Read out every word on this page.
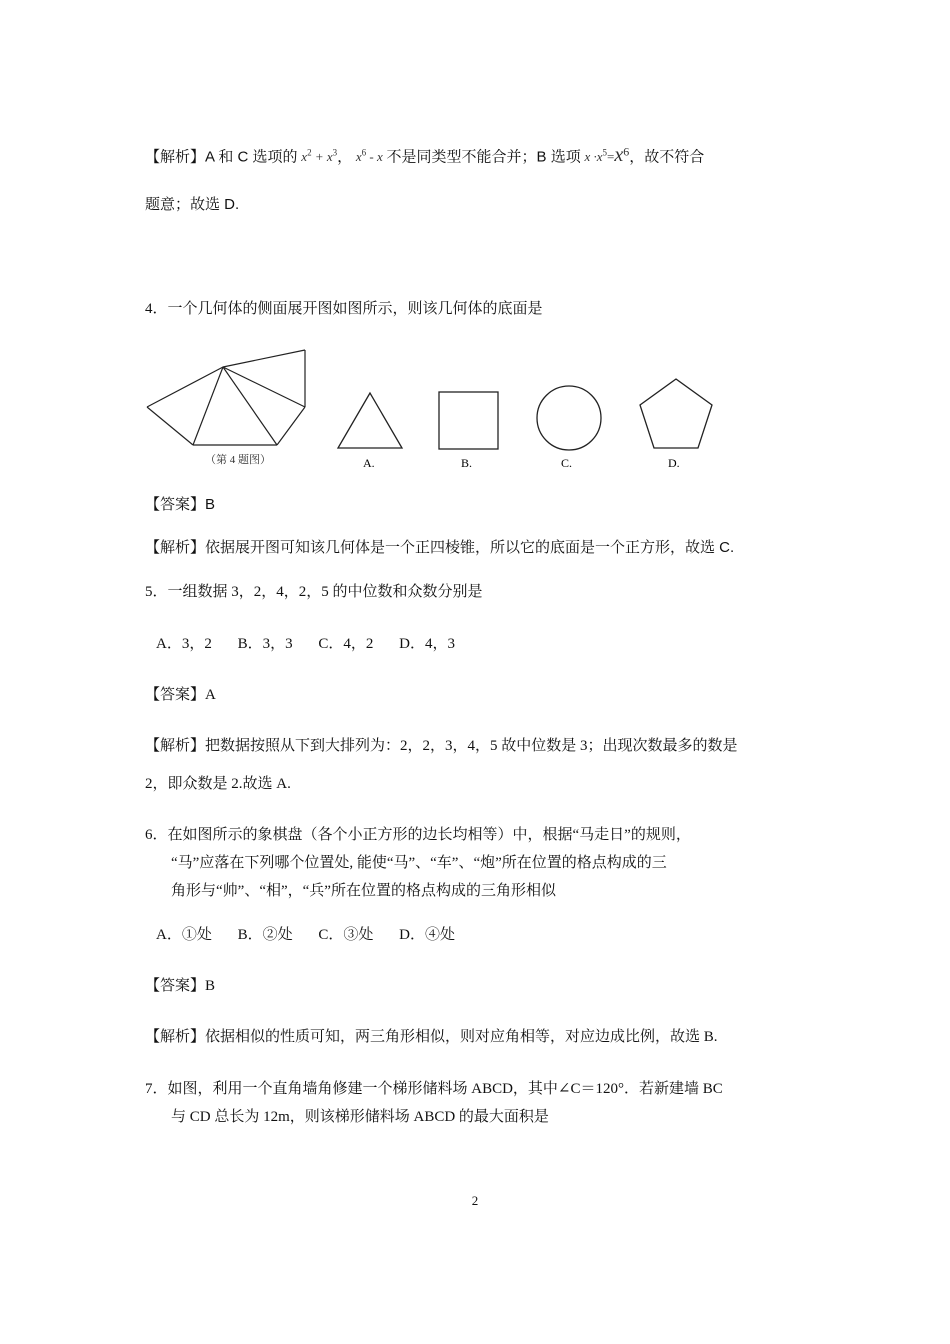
【解析】A 和 C 选项的 $x^2 + x^3$， $x^6$ - x 不是同类型不能合并；B 选项 $x \cdot x^5=x^6$，故不符合
题意；故选 D.
4．一个几何体的侧面展开图如图所示，则该几何体的底面是
（第 4 题图）	A.	B.	C.	D.
【答案】B
【解析】依据展开图可知该几何体是一个正四棱锥，所以它的底面是一个正方形，故选 C.
5．一组数据 3，2，4，2，5 的中位数和众数分别是
A．3，2 B．3，3 C．4，2 D．4，3
【答案】A
【解析】把数据按照从下到大排列为：2，2，3，4，5 故中位数是 3；出现次数最多的数是
2，即众数是 2.故选 A.
6．在如图所示的象棋盘（各个小正方形的边长均相等）中，根据“马走日”的规则，
“马”应落在下列哪个位置处, 能使“马”、“车”、“炮”所在位置的格点构成的三
角形与“帅”、“相”，“兵”所在位置的格点构成的三角形相似
A．①处 B．②处 C．③处 D．④处
【答案】B
【解析】依据相似的性质可知，两三角形相似，则对应角相等，对应边成比例，故选 B.
7．如图，利用一个直角墙角修建一个梯形储料场 ABCD，其中∠C＝120°．若新建墙 BC
与 CD 总长为 12m，则该梯形储料场 ABCD 的最大面积是
2
